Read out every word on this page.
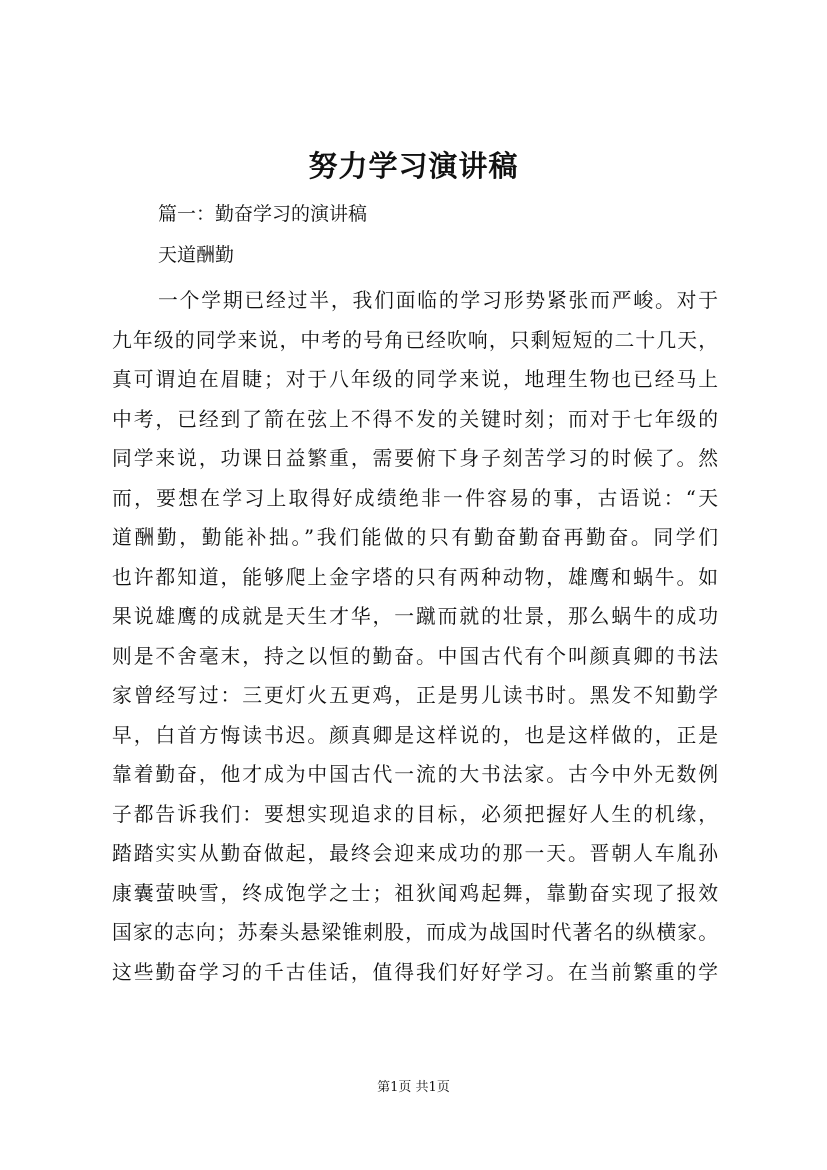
努力学习演讲稿
篇一：勤奋学习的演讲稿
天道酬勤
一个学期已经过半，我们面临的学习形势紧张而严峻。对于
九年级的同学来说，中考的号角已经吹响，只剩短短的二十几天，
真可谓迫在眉睫；对于八年级的同学来说，地理生物也已经马上
中考，已经到了箭在弦上不得不发的关键时刻；而对于七年级的
同学来说，功课日益繁重，需要俯下身子刻苦学习的时候了。然
而，要想在学习上取得好成绩绝非一件容易的事，古语说：“天
道酬勤，勤能补拙。”我们能做的只有勤奋勤奋再勤奋。同学们
也许都知道，能够爬上金字塔的只有两种动物，雄鹰和蜗牛。如
果说雄鹰的成就是天生才华，一蹴而就的壮景，那么蜗牛的成功
则是不舍毫末，持之以恒的勤奋。中国古代有个叫颜真卿的书法
家曾经写过：三更灯火五更鸡，正是男儿读书时。黑发不知勤学
早，白首方悔读书迟。颜真卿是这样说的，也是这样做的，正是
靠着勤奋，他才成为中国古代一流的大书法家。古今中外无数例
子都告诉我们：要想实现追求的目标，必须把握好人生的机缘，
踏踏实实从勤奋做起，最终会迎来成功的那一天。晋朝人车胤孙
康囊萤映雪，终成饱学之士；祖狄闻鸡起舞，靠勤奋实现了报效
国家的志向；苏秦头悬梁锥刺股，而成为战国时代著名的纵横家。
这些勤奋学习的千古佳话，值得我们好好学习。在当前繁重的学
第1页 共1页
